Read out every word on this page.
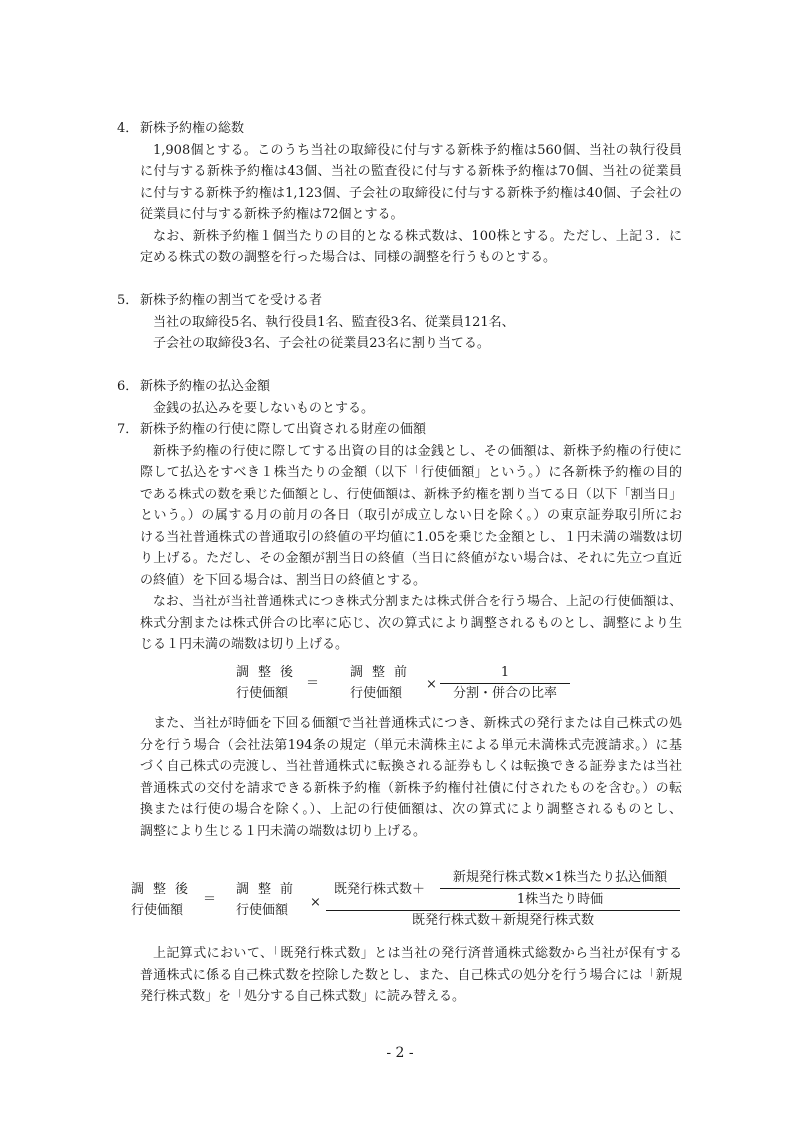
4． 新株予約権の総数
1,908個とする。このうち当社の取締役に付与する新株予約権は560個、当社の執行役員
に付与する新株予約権は43個、当社の監査役に付与する新株予約権は70個、当社の従業員
に付与する新株予約権は1,123個、子会社の取締役に付与する新株予約権は40個、子会社の
従業員に付与する新株予約権は72個とする。
なお、新株予約権１個当たりの目的となる株式数は、100株とする。ただし、上記３．に
定める株式の数の調整を行った場合は、同様の調整を行うものとする。
5． 新株予約権の割当てを受ける者
当社の取締役5名、執行役員1名、監査役3名、従業員121名、
子会社の取締役3名、子会社の従業員23名に割り当てる。
6． 新株予約権の払込金額
金銭の払込みを要しないものとする。
7． 新株予約権の行使に際して出資される財産の価額
新株予約権の行使に際してする出資の目的は金銭とし、その価額は、新株予約権の行使に
際して払込をすべき１株当たりの金額（以下「行使価額」という。）に各新株予約権の目的
である株式の数を乗じた価額とし、行使価額は、新株予約権を割り当てる日（以下「割当日」
という。）の属する月の前月の各日（取引が成立しない日を除く。）の東京証券取引所にお
ける当社普通株式の普通取引の終値の平均値に1.05を乗じた金額とし、１円未満の端数は切
り上げる。ただし、その金額が割当日の終値（当日に終値がない場合は、それに先立つ直近
の終値）を下回る場合は、割当日の終値とする。
なお、当社が当社普通株式につき株式分割または株式併合を行う場合、上記の行使価額は、
株式分割または株式併合の比率に応じ、次の算式により調整されるものとし、調整により生
じる１円未満の端数は切り上げる。
調整後
行使価額
＝
調整前
行使価額
×
1
分割・併合の比率
また、当社が時価を下回る価額で当社普通株式につき、新株式の発行または自己株式の処
分を行う場合（会社法第194条の規定（単元未満株主による単元未満株式売渡請求。）に基
づく自己株式の売渡し、当社普通株式に転換される証券もしくは転換できる証券または当社
普通株式の交付を請求できる新株予約権（新株予約権付社債に付されたものを含む。）の転
換または行使の場合を除く。）、上記の行使価額は、次の算式により調整されるものとし、
調整により生じる１円未満の端数は切り上げる。
調整後
行使価額
＝
調整前
行使価額
×
既発行株式数＋
新規発行株式数×1株当たり払込価額
1株当たり時価
既発行株式数＋新規発行株式数
上記算式において、「既発行株式数」とは当社の発行済普通株式総数から当社が保有する
普通株式に係る自己株式数を控除した数とし、また、自己株式の処分を行う場合には「新規
発行株式数」を「処分する自己株式数」に読み替える。
- 2 -
